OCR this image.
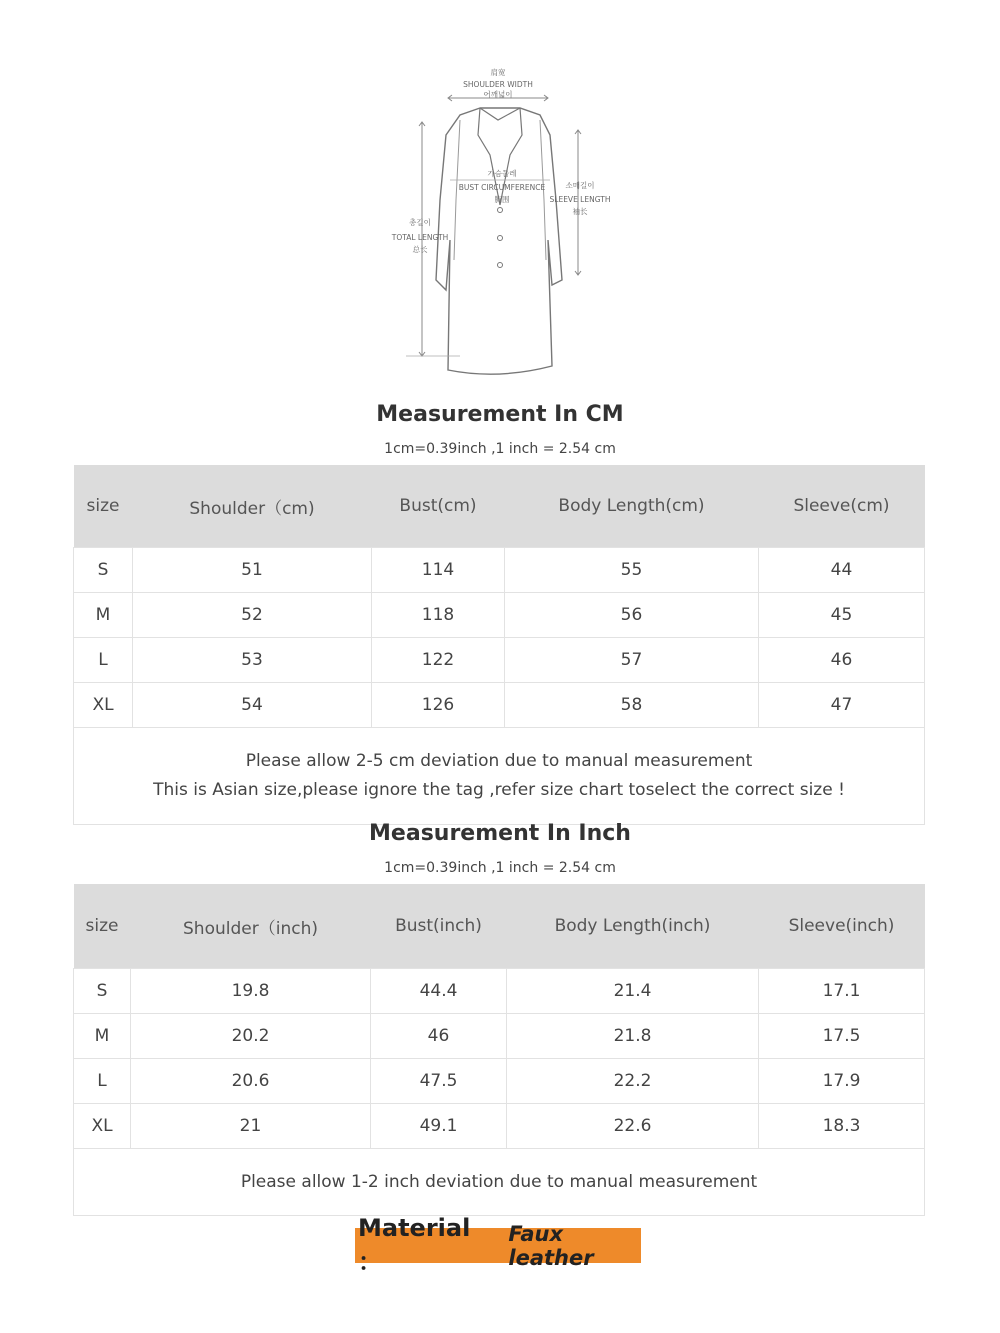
肩宽
SHOULDER WIDTH
어깨넓이
가슴둘레
BUST CIRCUMFERENCE
胸围
소매길이
SLEEVE LENGTH
袖长
총길이
TOTAL LENGTH
总长
Measurement In CM
1cm=0.39inch ,1 inch = 2.54 cm
size	Shoulder（cm)	Bust(cm)	Body Length(cm)	Sleeve(cm)
S	51	114	55	44
M	52	118	56	45
L	53	122	57	46
XL	54	126	58	47

Please allow 2-5 cm deviation due to manual measurement
This is Asian size,please ignore the tag ,refer size chart toselect the correct size !				
Measurement In Inch
1cm=0.39inch ,1 inch = 2.54 cm
size	Shoulder（inch)	Bust(inch)	Body Length(inch)	Sleeve(inch)
S	19.8	44.4	21.4	17.1
M	20.2	46	21.8	17.5
L	20.6	47.5	22.2	17.9
XL	21	49.1	22.6	18.3

Please allow 1-2 inch deviation due to manual measurement				
Material ：
Faux leather
